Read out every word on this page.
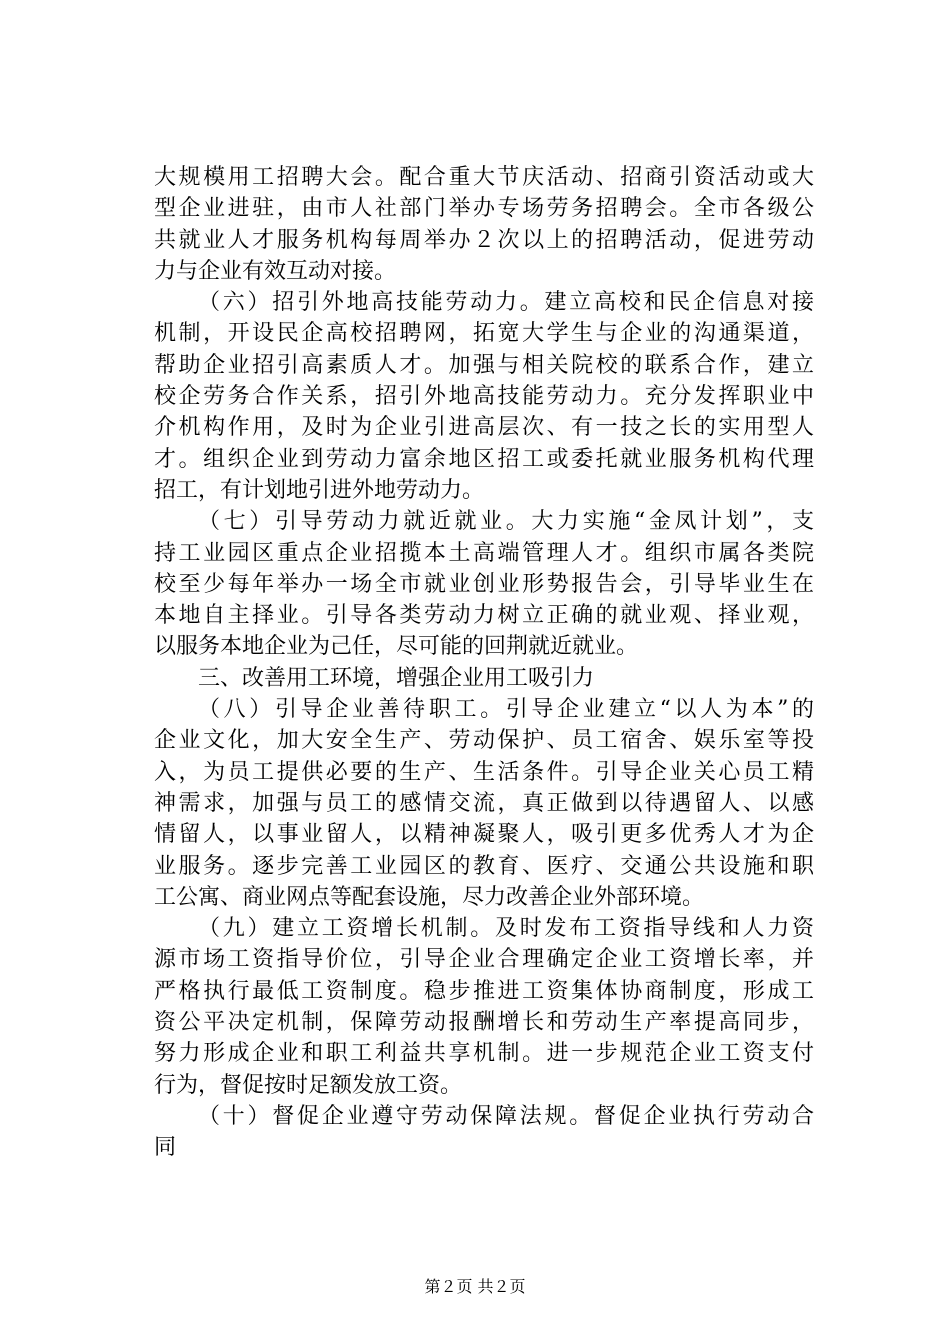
大规模用工招聘大会。配合重大节庆活动、招商引资活动或大
型企业进驻，由市人社部门举办专场劳务招聘会。全市各级公
共就业人才服务机构每周举办２次以上的招聘活动，促进劳动
力与企业有效互动对接。
（六）招引外地高技能劳动力。建立高校和民企信息对接
机制，开设民企高校招聘网，拓宽大学生与企业的沟通渠道，
帮助企业招引高素质人才。加强与相关院校的联系合作，建立
校企劳务合作关系，招引外地高技能劳动力。充分发挥职业中
介机构作用，及时为企业引进高层次、有一技之长的实用型人
才。组织企业到劳动力富余地区招工或委托就业服务机构代理
招工，有计划地引进外地劳动力。
（七）引导劳动力就近就业。大力实施“金凤计划”，支
持工业园区重点企业招揽本土高端管理人才。组织市属各类院
校至少每年举办一场全市就业创业形势报告会，引导毕业生在
本地自主择业。引导各类劳动力树立正确的就业观、择业观，
以服务本地企业为己任，尽可能的回荆就近就业。
三、改善用工环境，增强企业用工吸引力
（八）引导企业善待职工。引导企业建立“以人为本”的
企业文化，加大安全生产、劳动保护、员工宿舍、娱乐室等投
入，为员工提供必要的生产、生活条件。引导企业关心员工精
神需求，加强与员工的感情交流，真正做到以待遇留人、以感
情留人，以事业留人，以精神凝聚人，吸引更多优秀人才为企
业服务。逐步完善工业园区的教育、医疗、交通公共设施和职
工公寓、商业网点等配套设施，尽力改善企业外部环境。
（九）建立工资增长机制。及时发布工资指导线和人力资
源市场工资指导价位，引导企业合理确定企业工资增长率，并
严格执行最低工资制度。稳步推进工资集体协商制度，形成工
资公平决定机制，保障劳动报酬增长和劳动生产率提高同步，
努力形成企业和职工利益共享机制。进一步规范企业工资支付
行为，督促按时足额发放工资。
（十）督促企业遵守劳动保障法规。督促企业执行劳动合
同
第２页 共２页
